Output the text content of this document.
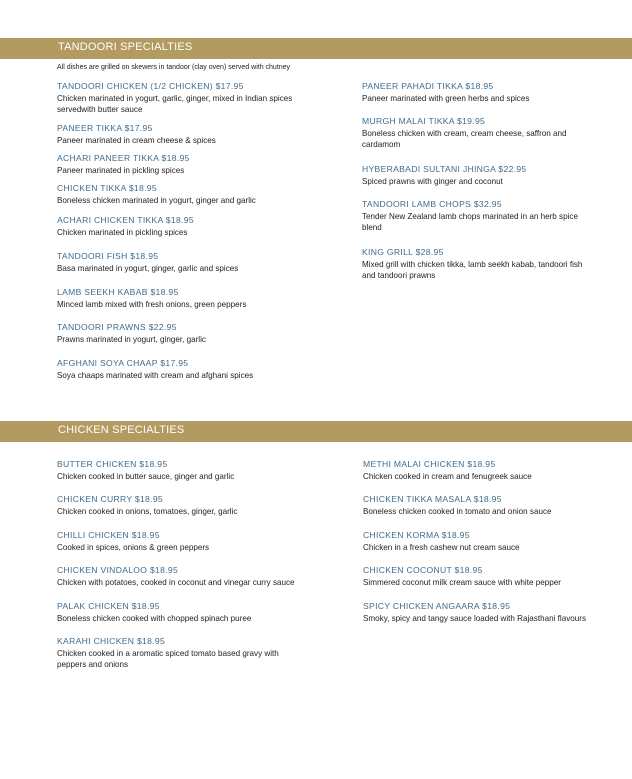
TANDOORI SPECIALTIES
All dishes are grilled on skewers in tandoor (clay oven) served with chutney
TANDOORI CHICKEN (1/2 CHICKEN) $17.95
Chicken marinated in yogurt, garlic, ginger, mixed in Indian spices servedwith butter sauce
PANEER TIKKA $17.95
Paneer marinated in cream cheese & spices
ACHARI PANEER TIKKA $18.95
Paneer marinated in pickling spices
CHICKEN TIKKA $18.95
Boneless chicken marinated in yogurt, ginger and garlic
ACHARI CHICKEN TIKKA $18.95
Chicken marinated in pickling spices
TANDOORI FISH $18.95
Basa marinated in yogurt, ginger, garlic and spices
LAMB SEEKH KABAB $18.95
Minced lamb mixed with fresh onions, green peppers
TANDOORI PRAWNS $22.95
Prawns marinated in yogurt, ginger, garlic
AFGHANI SOYA CHAAP $17.95
Soya chaaps marinated with cream and afghani spices
PANEER PAHADI TIKKA $18.95
Paneer marinated with green herbs and spices
MURGH MALAI TIKKA $19.95
Boneless chicken with cream, cream cheese, saffron and cardamom
HYBERABADI SULTANI JHINGA $22.95
Spiced prawns with ginger and coconut
TANDOORI LAMB CHOPS $32.95
Tender New Zealand lamb chops marinated in an herb spice blend
KING GRILL $28.95
Mixed grill with chicken tikka, lamb seekh kabab, tandoori fish and tandoori prawns
CHICKEN SPECIALTIES
BUTTER CHICKEN $18.95
Chicken cooked in butter sauce, ginger and garlic
CHICKEN CURRY $18.95
Chicken cooked in onions, tomatoes, ginger, garlic
CHILLI CHICKEN $18.95
Cooked in spices, onions & green peppers
CHICKEN VINDALOO $18.95
Chicken with potatoes, cooked in coconut and vinegar curry sauce
PALAK CHICKEN $18.95
Boneless chicken cooked with chopped spinach puree
KARAHI CHICKEN $18.95
Chicken cooked in a aromatic spiced tomato based gravy with peppers and onions
METHI MALAI CHICKEN $18.95
Chicken cooked in cream and fenugreek sauce
CHICKEN TIKKA MASALA $18.95
Boneless chicken cooked in tomato and onion sauce
CHICKEN KORMA $18.95
Chicken in a fresh cashew nut cream sauce
CHICKEN COCONUT $18.95
Simmered coconut milk cream sauce with white pepper
SPICY CHICKEN ANGAARA $18.95
Smoky, spicy and tangy sauce loaded with Rajasthani flavours
